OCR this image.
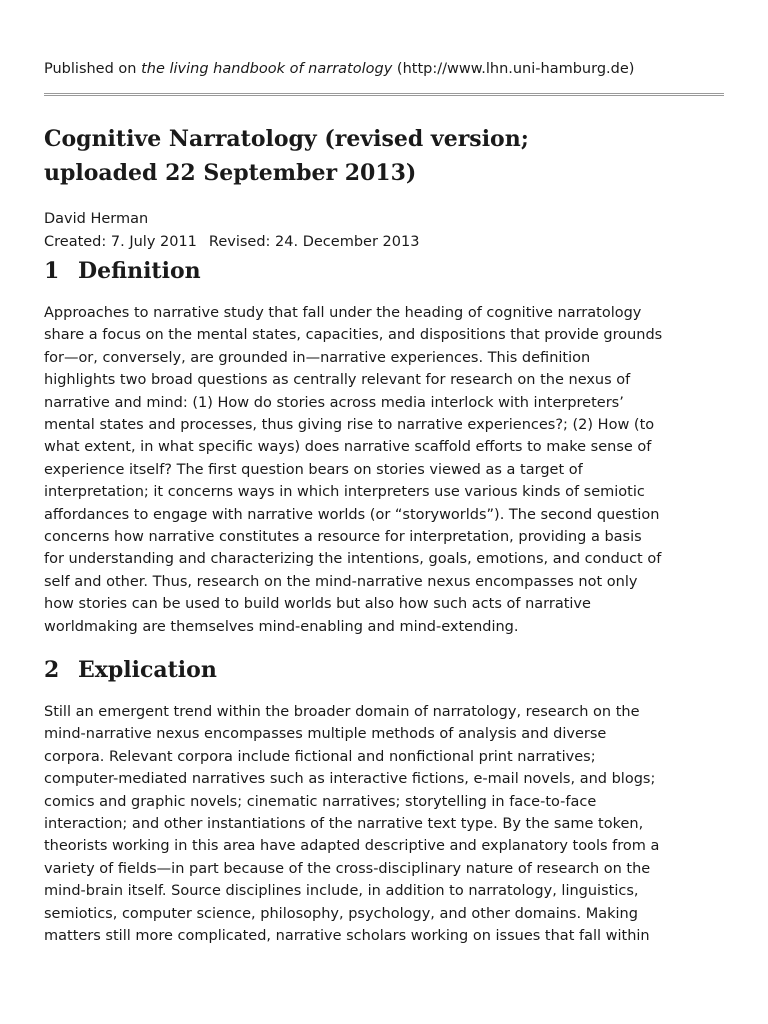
Published on the living handbook of narratology (http://www.lhn.uni-hamburg.de)
Cognitive Narratology (revised version;
uploaded 22 September 2013)
David Herman
Created: 7. July 2011 Revised: 24. December 2013
1 Definition

Approaches to narrative study that fall under the heading of cognitive narratology
share a focus on the mental states, capacities, and dispositions that provide grounds
for—or, conversely, are grounded in—narrative experiences. This definition
highlights two broad questions as centrally relevant for research on the nexus of
narrative and mind: (1) How do stories across media interlock with interpreters’
mental states and processes, thus giving rise to narrative experiences?; (2) How (to
what extent, in what specific ways) does narrative scaffold efforts to make sense of
experience itself? The first question bears on stories viewed as a target of
interpretation; it concerns ways in which interpreters use various kinds of semiotic
affordances to engage with narrative worlds (or “storyworlds”). The second question
concerns how narrative constitutes a resource for interpretation, providing a basis
for understanding and characterizing the intentions, goals, emotions, and conduct of
self and other. Thus, research on the mind-narrative nexus encompasses not only
how stories can be used to build worlds but also how such acts of narrative
worldmaking are themselves mind-enabling and mind-extending.

2 Explication

Still an emergent trend within the broader domain of narratology, research on the
mind-narrative nexus encompasses multiple methods of analysis and diverse
corpora. Relevant corpora include fictional and nonfictional print narratives;
computer-mediated narratives such as interactive fictions, e-mail novels, and blogs;
comics and graphic novels; cinematic narratives; storytelling in face-to-face
interaction; and other instantiations of the narrative text type. By the same token,
theorists working in this area have adapted descriptive and explanatory tools from a
variety of fields—in part because of the cross-disciplinary nature of research on the
mind-brain itself. Source disciplines include, in addition to narratology, linguistics,
semiotics, computer science, philosophy, psychology, and other domains. Making
matters still more complicated, narrative scholars working on issues that fall within
